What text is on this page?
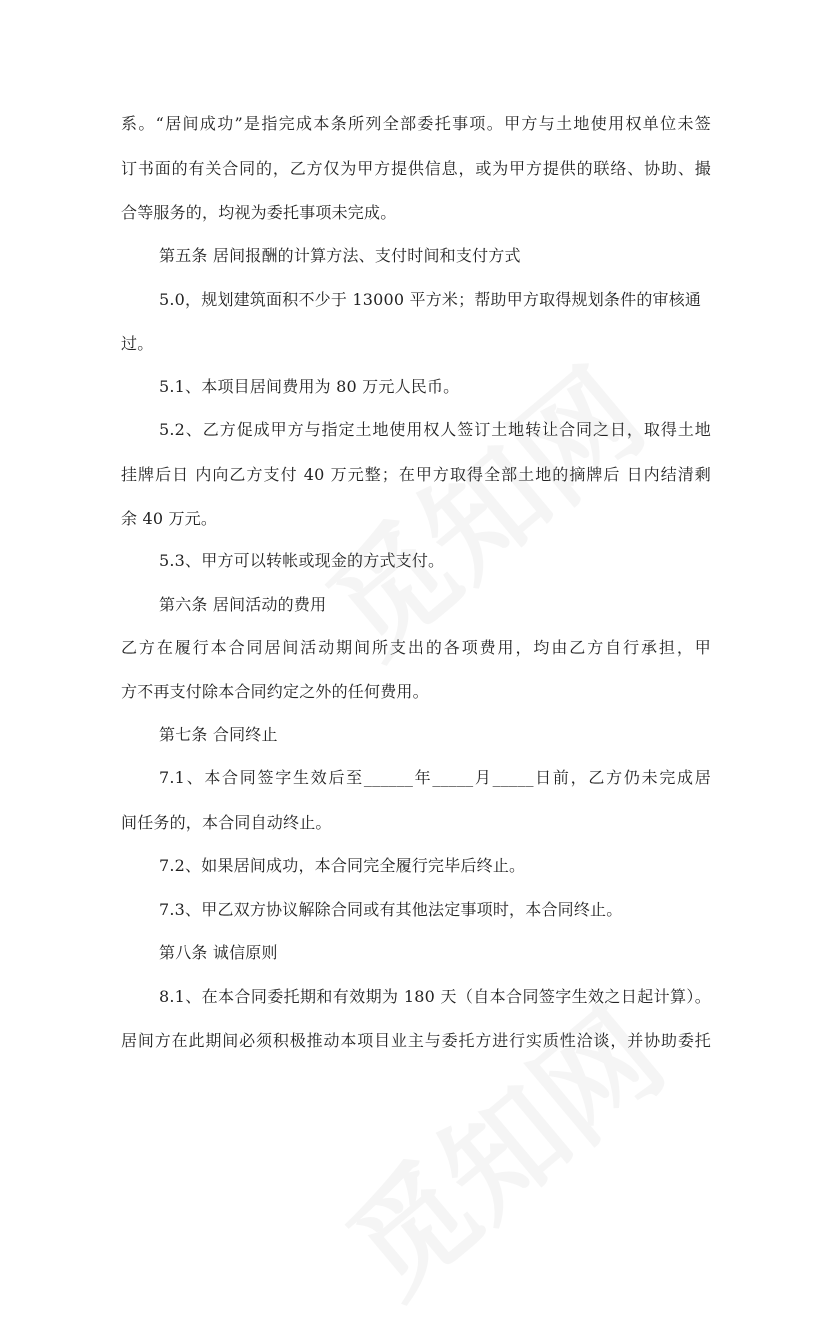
系。“居间成功”是指完成本条所列全部委托事项。甲方与土地使用权单位未签
订书面的有关合同的，乙方仅为甲方提供信息，或为甲方提供的联络、协助、撮
合等服务的，均视为委托事项未完成。
第五条 居间报酬的计算方法、支付时间和支付方式
5.0，规划建筑面积不少于 13000 平方米；帮助甲方取得规划条件的审核通
过。
5.1、本项目居间费用为 80 万元人民币。
5.2、乙方促成甲方与指定土地使用权人签订土地转让合同之日，取得土地
挂牌后日 内向乙方支付 40 万元整；在甲方取得全部土地的摘牌后 日内结清剩
余 40 万元。
5.3、甲方可以转帐或现金的方式支付。
第六条 居间活动的费用
乙方在履行本合同居间活动期间所支出的各项费用，均由乙方自行承担，甲
方不再支付除本合同约定之外的任何费用。
第七条 合同终止
7.1、本合同签字生效后至______年_____月_____日前，乙方仍未完成居
间任务的，本合同自动终止。
7.2、如果居间成功，本合同完全履行完毕后终止。
7.3、甲乙双方协议解除合同或有其他法定事项时，本合同终止。
第八条 诚信原则
8.1、在本合同委托期和有效期为 180 天（自本合同签字生效之日起计算）。
居间方在此期间必须积极推动本项目业主与委托方进行实质性洽谈，并协助委托
